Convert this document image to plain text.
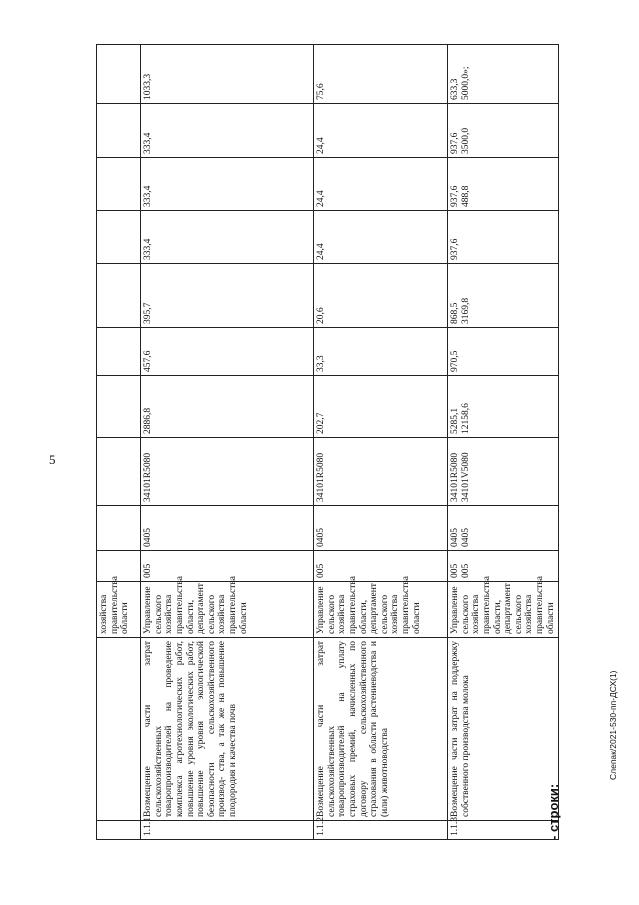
5
Слепак/2021-530-пп-ДСХ(1)
		хозяйства правительства области										
1.1.1	Возмещение части затрат сельскохозяйственных товаропроизводителей на проведение комплекса агротехнологических работ, повышение уровня экологических работ, повышение уровня экологической безопасности сельскохозяйственного производ- ства, а так же на повышение плодородия и качества почв	Управление сельского хозяйства правительства области, департамент сельского хозяйства правительства области	005	0405	34101R5080	2886,8	457,6	395,7	333,4	333,4	333,4	1033,3
1.1.2	Возмещение части затрат сельскохозяйственных товаропроизводителей на уплату страховых премий, начисленных по договору сельскохозяйственного страхования в области растениеводства и (или) животноводства	Управление сельского хозяйства правительства области, департамент сельского хозяйства правительства области	005	0405	34101R5080	202,7	33,3	20,6	24,4	24,4	24,4	75,6
1.1.3	Возмещение части затрат на поддержку собственного производства молока	Управление сельского хозяйства правительства области, департамент сельского хозяйства правительства области	005 005	0405 0405	34101R5080 34101V5080	5285,1 12158,6	970,5	868,5 3169,8	937,6	937,6 488,8	937,6 3500,0	633,3 5000,0»;
- строки:
